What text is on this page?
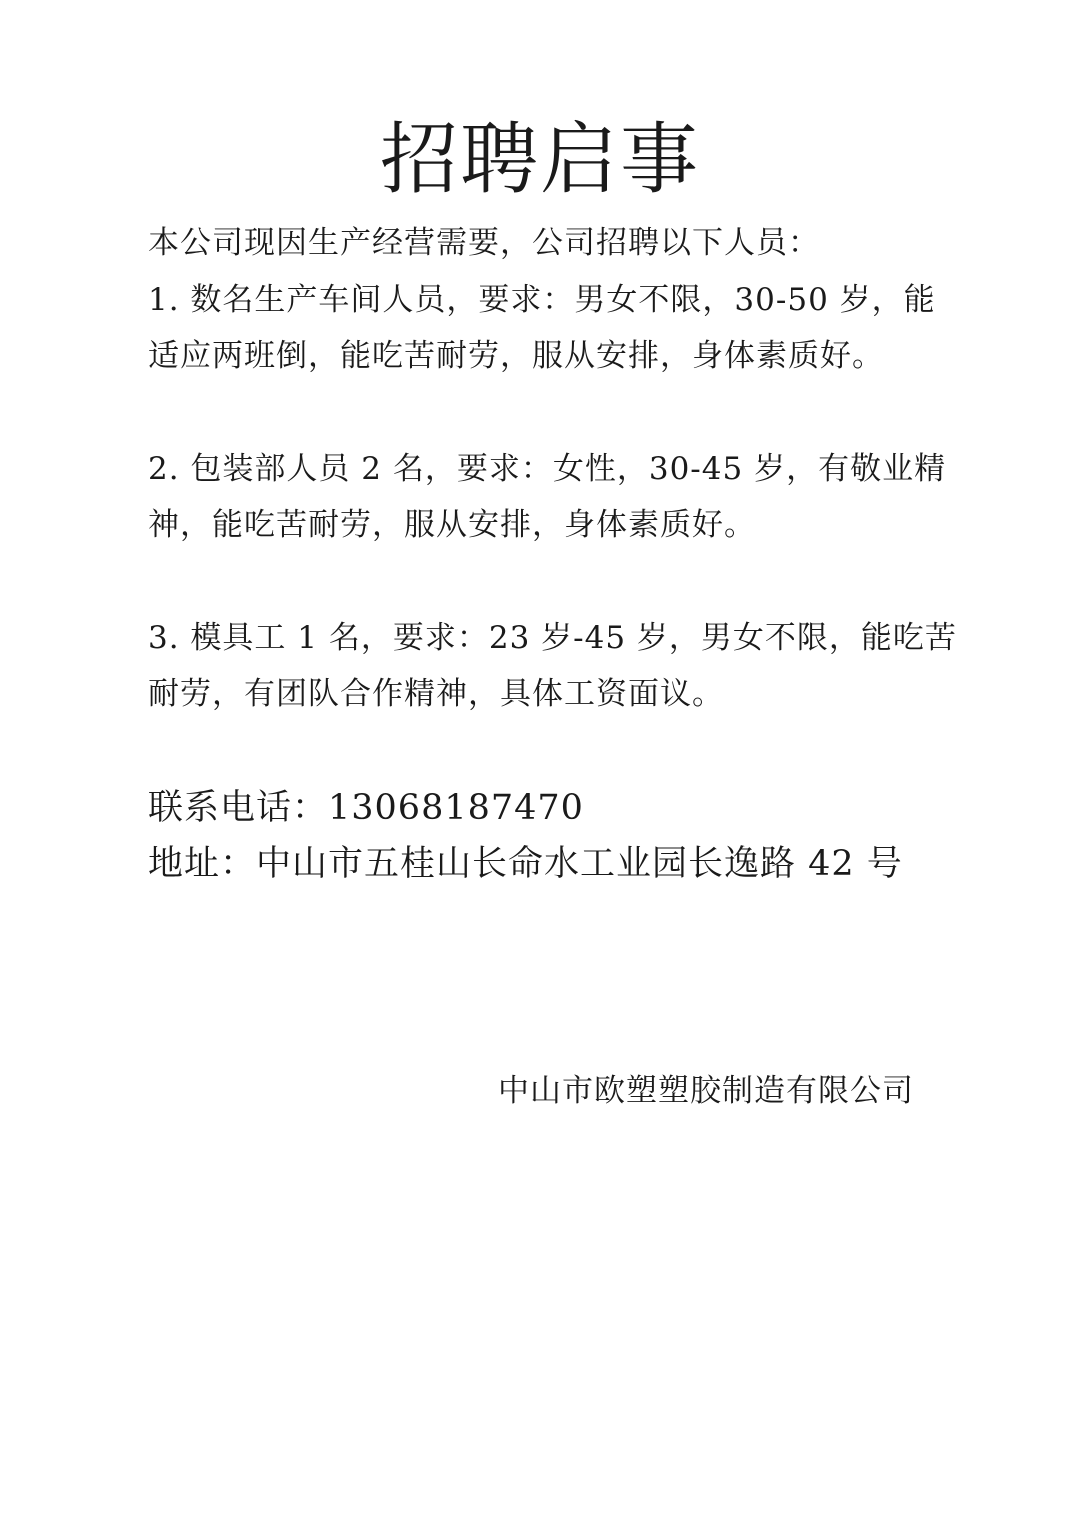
招聘启事
本公司现因生产经营需要，公司招聘以下人员：
1. 数名生产车间人员，要求：男女不限，30-50 岁，能
适应两班倒，能吃苦耐劳，服从安排，身体素质好。
2. 包装部人员 2 名，要求：女性，30-45 岁，有敬业精
神，能吃苦耐劳，服从安排，身体素质好。
3. 模具工 1 名，要求：23 岁-45 岁，男女不限，能吃苦
耐劳，有团队合作精神，具体工资面议。
联系电话：13068187470
地址：中山市五桂山长命水工业园长逸路 42 号
中山市欧塑塑胶制造有限公司
